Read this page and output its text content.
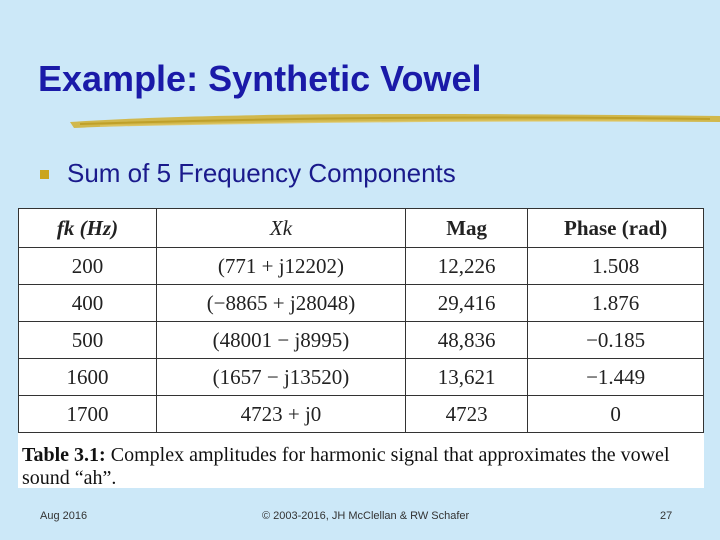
Example: Synthetic Vowel
Sum of 5 Frequency Components
fk (Hz)	Xk	Mag	Phase (rad)
200	(771 + j12202)	12,226	1.508
400	(−8865 + j28048)	29,416	1.876
500	(48001 − j8995)	48,836	−0.185
1600	(1657 − j13520)	13,621	−1.449
1700	4723 + j0	4723	0
Table 3.1: Complex amplitudes for harmonic signal that approximates the vowel sound “ah”.
Aug 2016	© 2003-2016, JH McClellan & RW Schafer	27
